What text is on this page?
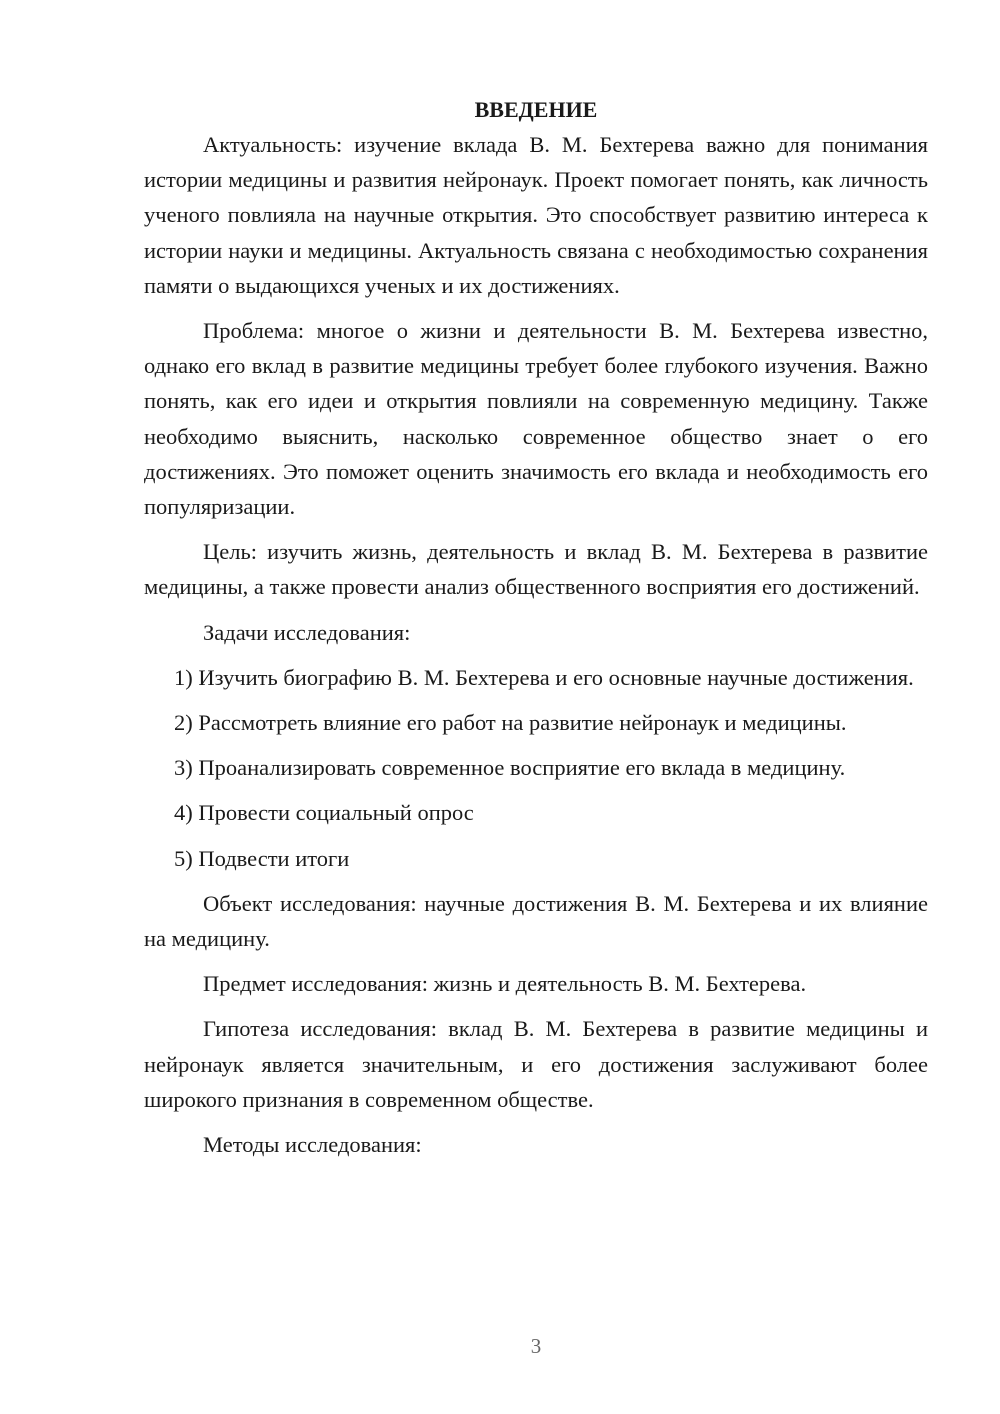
ВВЕДЕНИЕ

Актуальность: изучение вклада В. М. Бехтерева важно для понимания истории медицины и развития нейронаук. Проект помогает понять, как личность ученого повлияла на научные открытия. Это способствует развитию интереса к истории науки и медицины. Актуальность связана с необходимостью сохранения памяти о выдающихся ученых и их достижениях.

Проблема: многое о жизни и деятельности В. М. Бехтерева известно, однако его вклад в развитие медицины требует более глубокого изучения. Важно понять, как его идеи и открытия повлияли на современную медицину. Также необходимо выяснить, насколько современное общество знает о его достижениях. Это поможет оценить значимость его вклада и необходимость его популяризации.

Цель: изучить жизнь, деятельность и вклад В. М. Бехтерева в развитие медицины, а также провести анализ общественного восприятия его достижений.

Задачи исследования:

1) Изучить биографию В. М. Бехтерева и его основные научные достижения.

2) Рассмотреть влияние его работ на развитие нейронаук и медицины.

3) Проанализировать современное восприятие его вклада в медицину.

4) Провести социальный опрос

5) Подвести итоги

Объект исследования: научные достижения В. М. Бехтерева и их влияние на медицину.

Предмет исследования: жизнь и деятельность В. М. Бехтерева.

Гипотеза исследования: вклад В. М. Бехтерева в развитие медицины и нейронаук является значительным, и его достижения заслуживают более широкого признания в современном обществе.

Методы исследования:

3
